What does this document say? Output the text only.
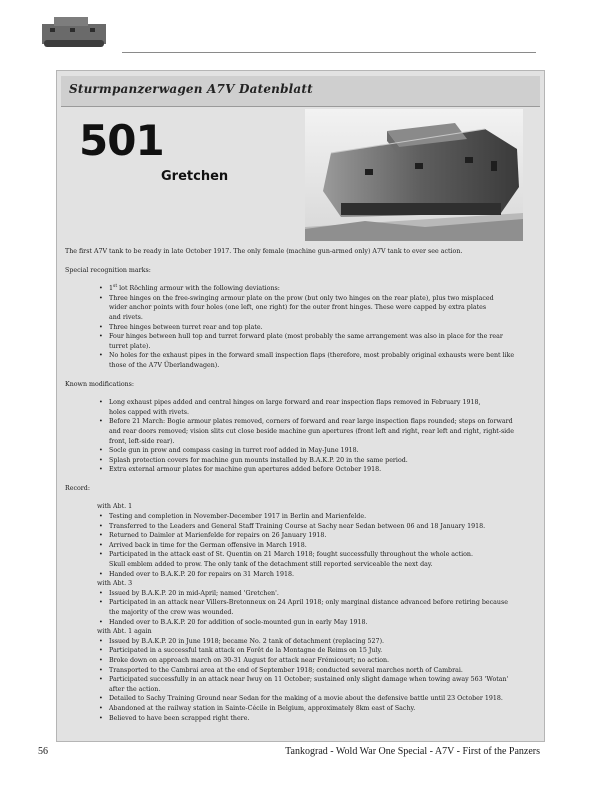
Sturmpanzerwagen A7V Datenblatt
501
Gretchen

The first A7V tank to be ready in late October 1917. The only female (machine gun-armed only) A7V tank to ever see action.

Special recognition marks:

• 1st lot Röchling armour with the following deviations:

• Three hinges on the free-swinging armour plate on the prow (but only two hinges on the rear plate), plus two misplaced

wider anchor points with four holes (one left, one right) for the outer front hinges. These were capped by extra plates

and rivets.

• Three hinges between turret rear and top plate.

• Four hinges between hull top and turret forward plate (most probably the same arrangement was also in place for the rear

turret plate).

• No holes for the exhaust pipes in the forward small inspection flaps (therefore, most probably original exhausts were bent like

those of the A7V Überlandwagen).

Known modifications:

• Long exhaust pipes added and central hinges on large forward and rear inspection flaps removed in February 1918,

holes capped with rivets.

• Before 21 March: Bogie armour plates removed, corners of forward and rear large inspection flaps rounded; steps on forward

and rear doors removed; vision slits cut close beside machine gun apertures (front left and right, rear left and right, right-side

front, left-side rear).

• Socle gun in prow and compass casing in turret roof added in May-June 1918.

• Splash protection covers for machine gun mounts installed by B.A.K.P. 20 in the same period.

• Extra external armour plates for machine gun apertures added before October 1918.

Record:

with Abt. 1

• Testing and completion in November-December 1917 in Berlin and Marienfelde.

• Transferred to the Leaders and General Staff Training Course at Sachy near Sedan between 06 and 18 January 1918.

• Returned to Daimler at Marienfelde for repairs on 26 January 1918.

• Arrived back in time for the German offensive in March 1918.

• Participated in the attack east of St. Quentin on 21 March 1918; fought successfully throughout the whole action.

Skull emblem added to prow. The only tank of the detachment still reported serviceable the next day.

• Handed over to B.A.K.P. 20 for repairs on 31 March 1918.

with Abt. 3

• Issued by B.A.K.P. 20 in mid-April; named 'Gretchen'.

• Participated in an attack near Villers-Bretonneux on 24 April 1918; only marginal distance advanced before retiring because

the majority of the crew was wounded.

• Handed over to B.A.K.P. 20 for addition of socle-mounted gun in early May 1918.

with Abt. 1 again

• Issued by B.A.K.P. 20 in June 1918; became No. 2 tank of detachment (replacing 527).

• Participated in a successful tank attack on Forêt de la Montagne de Reims on 15 July.

• Broke down on approach march on 30-31 August for attack near Frémicourt; no action.

• Transported to the Cambrai area at the end of September 1918; conducted several marches north of Cambrai.

• Participated successfully in an attack near Iwuy on 11 October; sustained only slight damage when towing away 563 'Wotan'

after the action.

• Detailed to Sachy Training Ground near Sedan for the making of a movie about the defensive battle until 23 October 1918.

• Abandoned at the railway station in Sainte-Cécile in Belgium, approximately 8km east of Sachy.

• Believed to have been scrapped right there.

56	Tankograd - Wold War One Special - A7V - First of the Panzers
